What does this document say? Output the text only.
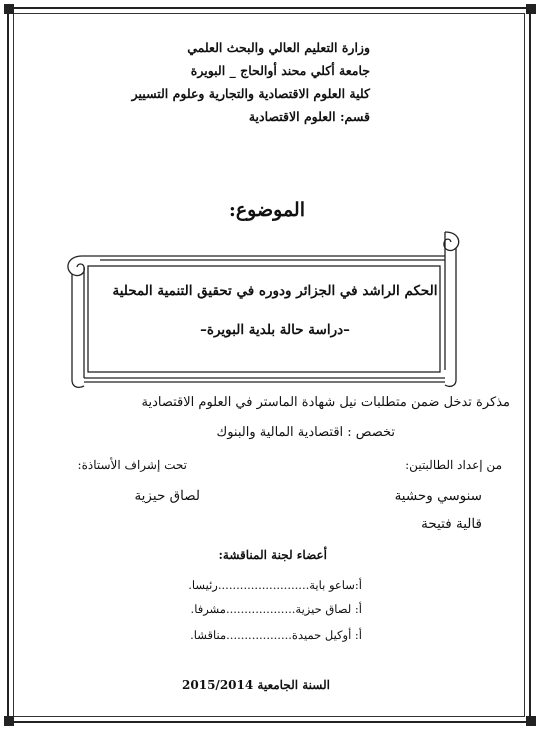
وزارة التعليم العالي والبحث العلمي
جامعة أكلي محند أوالحاج _ البويرة
كلية العلوم الاقتصادية والتجارية وعلوم التسيير
قسم: العلوم الاقتصادية
الموضوع:
الحكم الراشد في الجزائر ودوره في تحقيق التنمية المحلية
–دراسة حالة بلدية البويرة–
مذكرة تدخل ضمن متطلبات نيل شهادة الماستر في العلوم الاقتصادية
تخصص : اقتصادية المالية والبنوك
من إعداد الطالبتين:
تحت إشراف الأستاذة:
سنوسي وحشية
لصاق حيزية
قالية فتيحة
أعضاء لجنة المناقشة:
أ:ساعو باية.........................رئيسا.
أ: لصاق حيزية...................مشرفا.
أ: أوكيل حميدة..................مناقشا.
السنة الجامعية 2015/2014
